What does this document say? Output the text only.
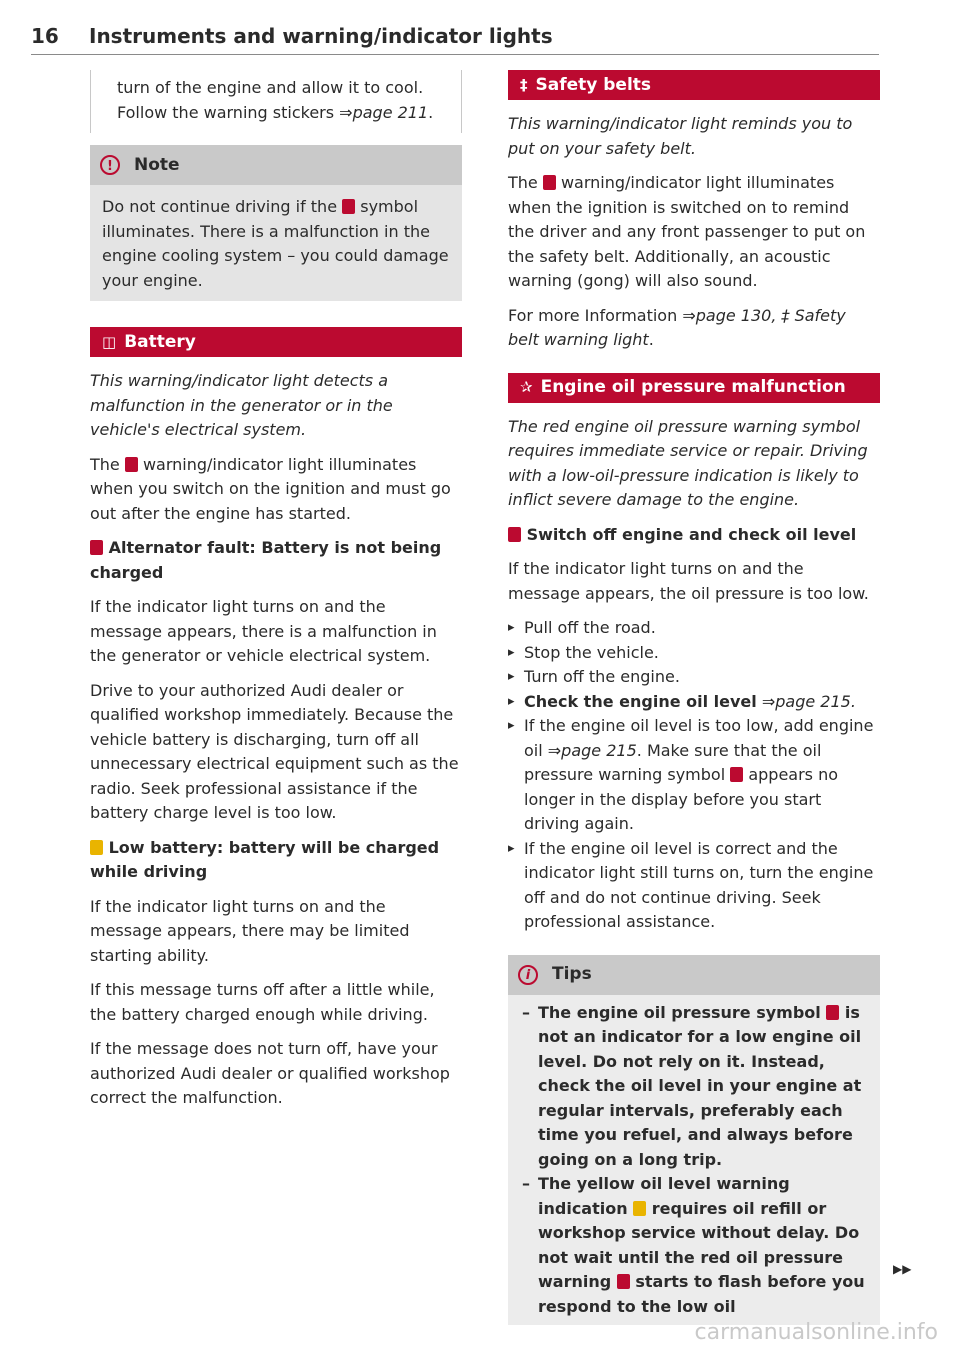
16 Instruments and warning/indicator lights
turn of the engine and allow it to cool.
Follow the warning stickers ⇒page 211.
!	Note
Do not continue driving if the symbol illuminates. There is a malfunction in the engine cooling system – you could damage your engine.
◫ Battery

This warning/indicator light detects a malfunction in the generator or in the vehicle's electrical system.

The warning/indicator light illuminates when you switch on the ignition and must go out after the engine has started.

Alternator fault: Battery is not being charged

If the indicator light turns on and the message appears, there is a malfunction in the generator or vehicle electrical system.

Drive to your authorized Audi dealer or qualified workshop immediately. Because the vehicle battery is discharging, turn off all unnecessary electrical equipment such as the radio. Seek professional assistance if the battery charge level is too low.

Low battery: battery will be charged while driving

If the indicator light turns on and the message appears, there may be limited starting ability.

If this message turns off after a little while, the battery charged enough while driving.

If the message does not turn off, have your authorized Audi dealer or qualified workshop correct the malfunction.

‡ Safety belts

This warning/indicator light reminds you to put on your safety belt.

The warning/indicator light illuminates when the ignition is switched on to remind the driver and any front passenger to put on the safety belt. Additionally, an acoustic warning (gong) will also sound.

For more Information ⇒page 130, ‡ Safety belt warning light.

✰ Engine oil pressure malfunction

The red engine oil pressure warning symbol requires immediate service or repair. Driving with a low-oil-pressure indication is likely to inflict severe damage to the engine.

Switch off engine and check oil level

If the indicator light turns on and the message appears, the oil pressure is too low.

▸ Pull off the road.
▸ Stop the vehicle.
▸ Turn off the engine.
▸ Check the engine oil level ⇒page 215.
▸ If the engine oil level is too low, add engine oil ⇒page 215. Make sure that the oil pressure warning symbol appears no longer in the display before you start driving again.
▸ If the engine oil level is correct and the indicator light still turns on, turn the engine off and do not continue driving. Seek professional assistance.
i	Tips
– The engine oil pressure symbol is not an indicator for a low engine oil level. Do not rely on it. Instead, check the oil level in your engine at regular intervals, preferably each time you refuel, and always before going on a long trip.
– The yellow oil level warning indication requires oil refill or workshop service without delay. Do not wait until the red oil pressure warning starts to flash before you respond to the low oil
▶▶
carmanualsonline.info
